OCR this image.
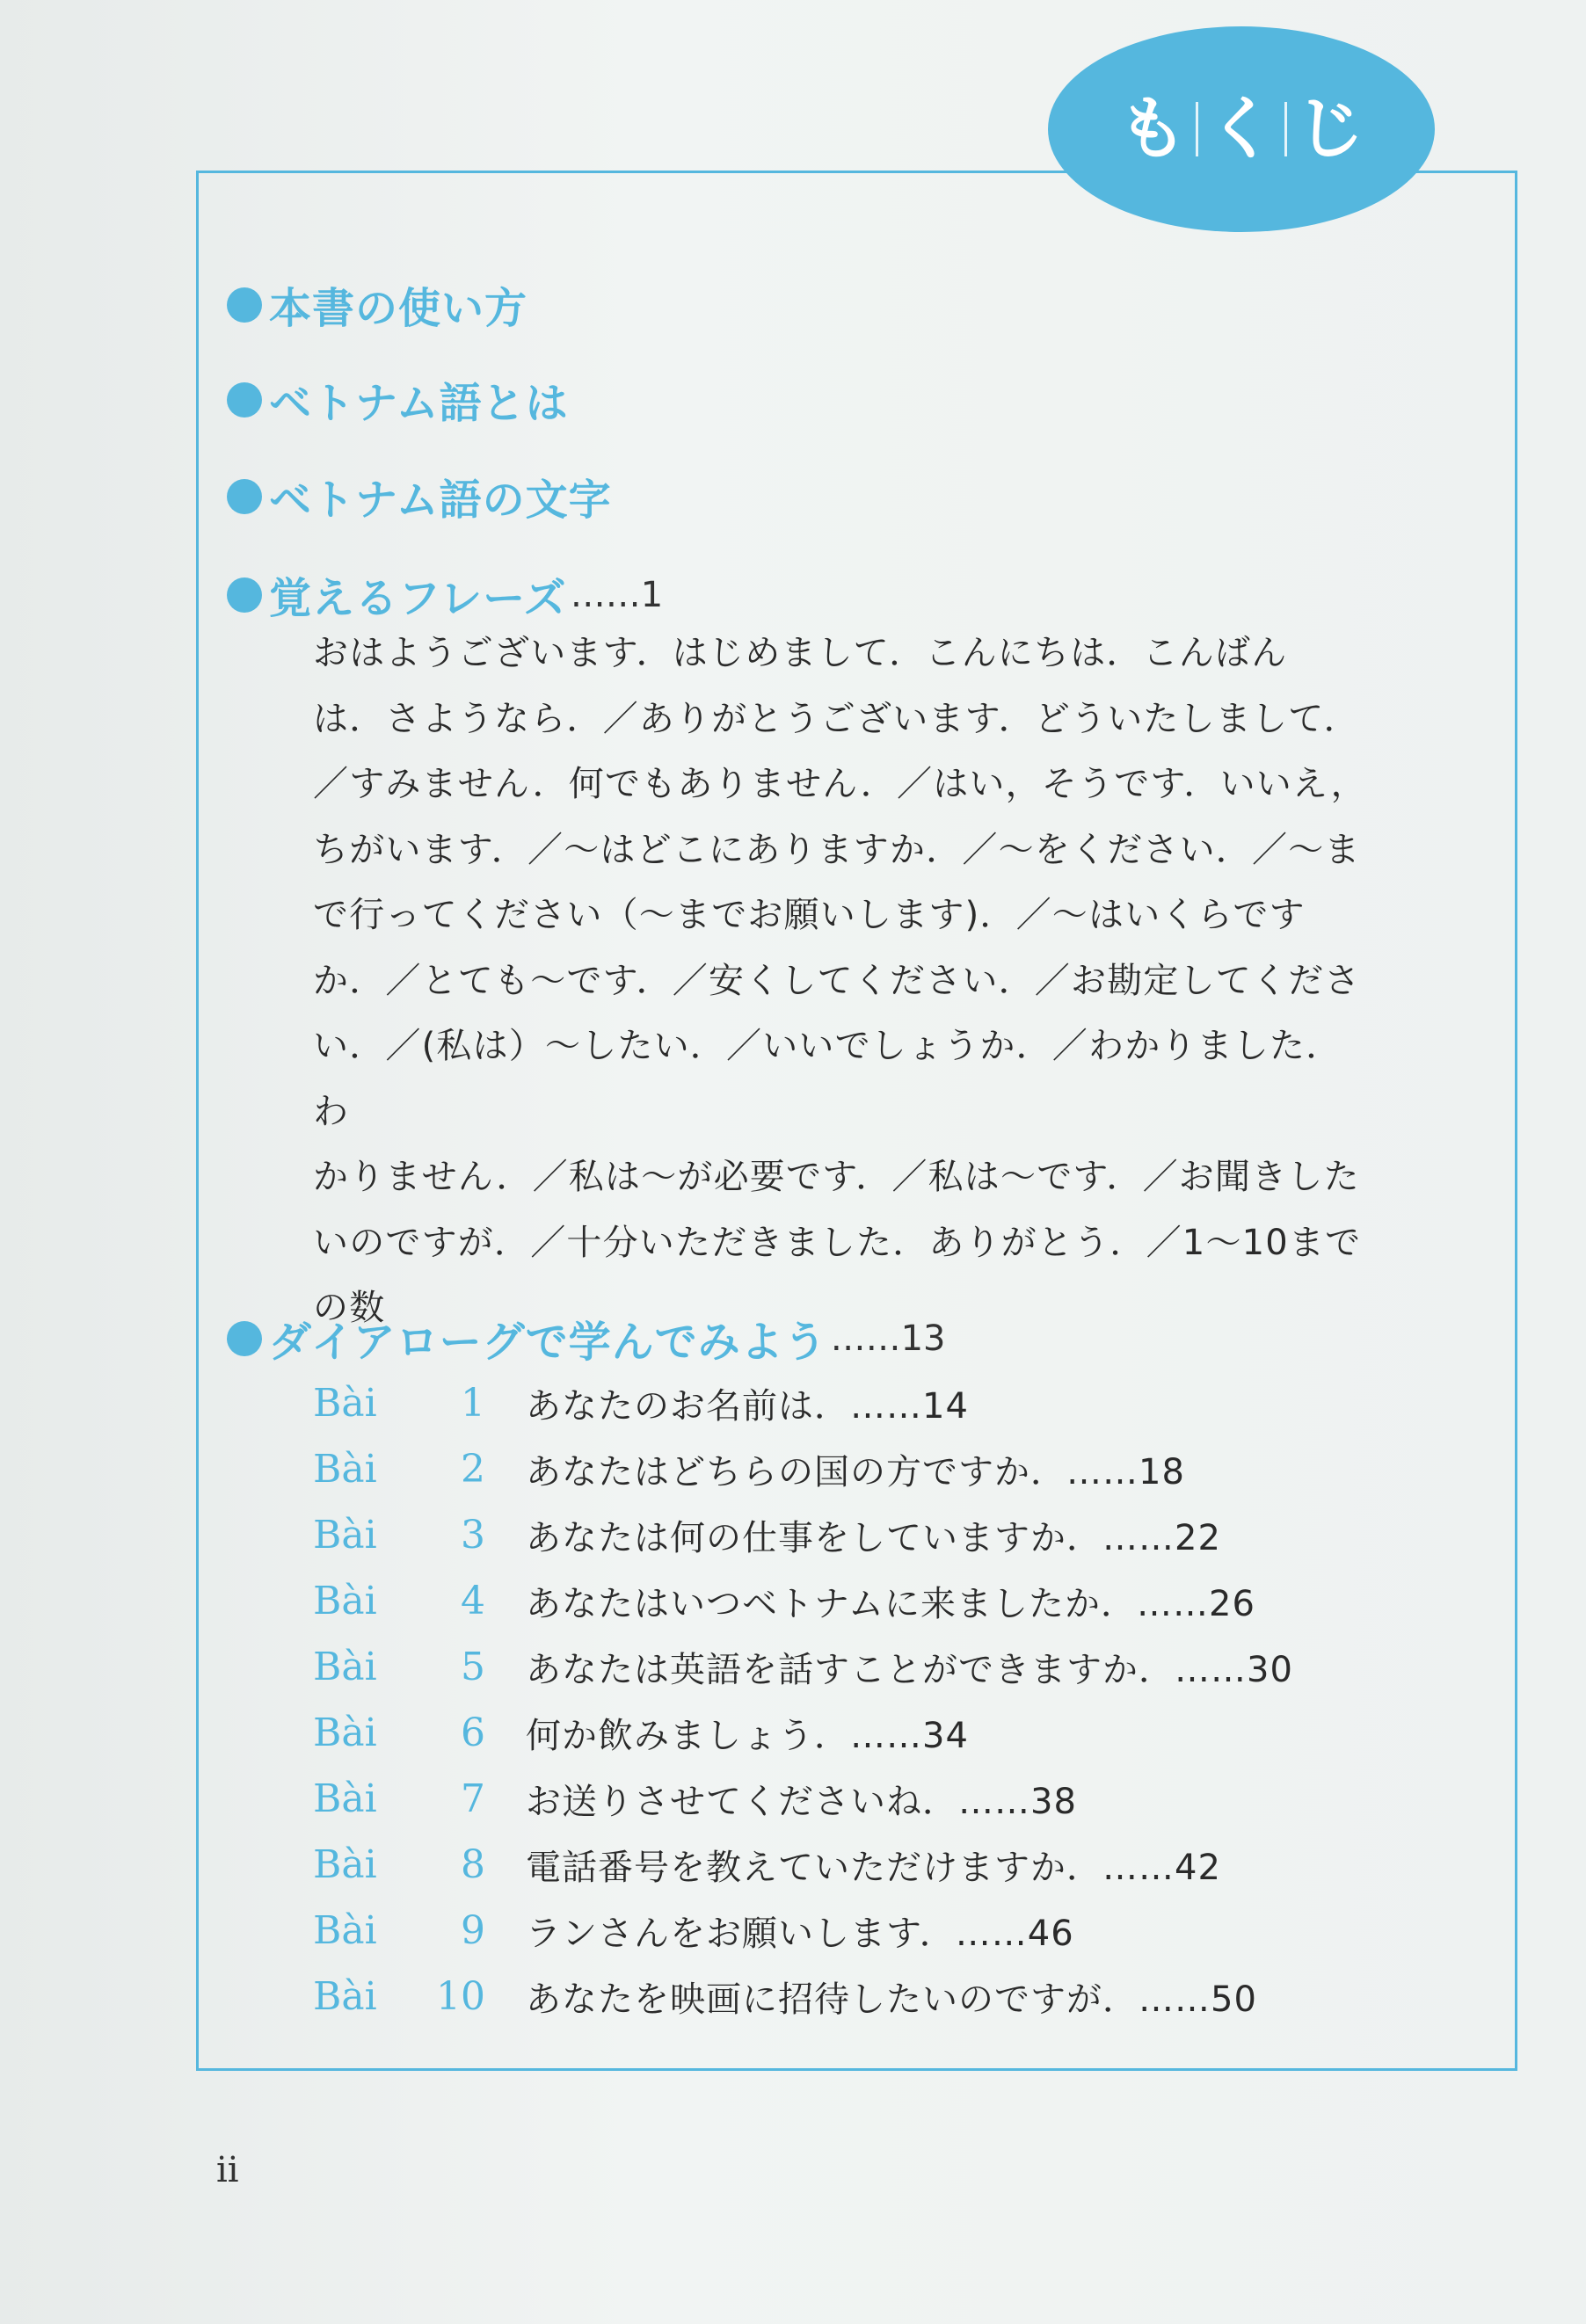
も く じ
本書の使い方
ベトナム語とは
ベトナム語の文字
覚えるフレーズ ……1
おはようございます．はじめまして．こんにちは．こんばん
は．さようなら．／ありがとうございます．どういたしまして．
／すみません．何でもありません．／はい，そうです．いいえ，
ちがいます．／～はどこにありますか．／～をください．／～ま
で行ってください（～までお願いします)．／～はいくらです
か．／とても～です．／安くしてください．／お勘定してくださ
い．／(私は）～したい．／いいでしょうか．／わかりました．わ
かりません．／私は～が必要です．／私は～です．／お聞きした
いのですが．／十分いただきました．ありがとう．／1～10まで
の数
ダイアローグで学んでみよう ……13
Bài 1 あなたのお名前は．……14
Bài 2 あなたはどちらの国の方ですか．……18
Bài 3 あなたは何の仕事をしていますか．……22
Bài 4 あなたはいつベトナムに来ましたか．……26
Bài 5 あなたは英語を話すことができますか．……30
Bài 6 何か飲みましょう．……34
Bài 7 お送りさせてくださいね．……38
Bài 8 電話番号を教えていただけますか．……42
Bài 9 ランさんをお願いします．……46
Bài 10 あなたを映画に招待したいのですが．……50
ii
